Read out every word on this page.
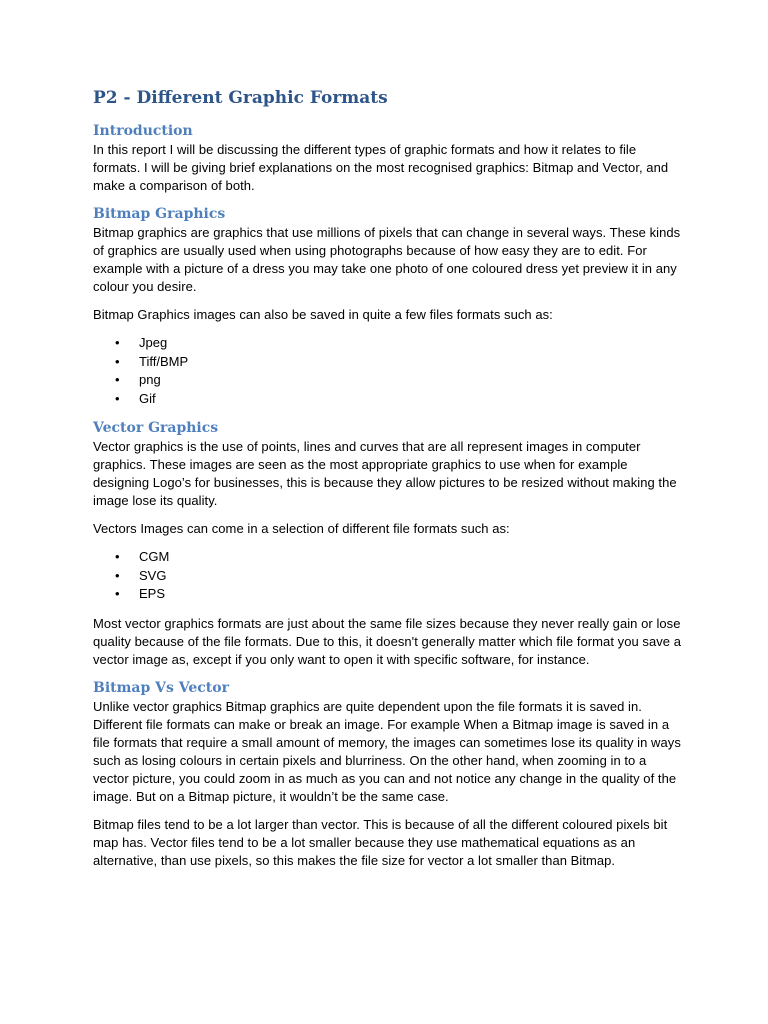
P2 - Different Graphic Formats
Introduction

In this report I will be discussing the different types of graphic formats and how it relates to file formats. I will be giving brief explanations on the most recognised graphics: Bitmap and Vector, and make a comparison of both.

Bitmap Graphics

Bitmap graphics are graphics that use millions of pixels that can change in several ways. These kinds of graphics are usually used when using photographs because of how easy they are to edit. For example with a picture of a dress you may take one photo of one coloured dress yet preview it in any colour you desire.

Bitmap Graphics images can also be saved in quite a few files formats such as:

• Jpeg
• Tiff/BMP
• png
• Gif
Vector Graphics

Vector graphics is the use of points, lines and curves that are all represent images in computer graphics. These images are seen as the most appropriate graphics to use when for example designing Logo’s for businesses, this is because they allow pictures to be resized without making the image lose its quality.

Vectors Images can come in a selection of different file formats such as:

• CGM
• SVG
• EPS

Most vector graphics formats are just about the same file sizes because they never really gain or lose quality because of the file formats. Due to this, it doesn't generally matter which file format you save a vector image as, except if you only want to open it with specific software, for instance.

Bitmap Vs Vector

Unlike vector graphics Bitmap graphics are quite dependent upon the file formats it is saved in. Different file formats can make or break an image. For example When a Bitmap image is saved in a file formats that require a small amount of memory, the images can sometimes lose its quality in ways such as losing colours in certain pixels and blurriness. On the other hand, when zooming in to a vector picture, you could zoom in as much as you can and not notice any change in the quality of the image. But on a Bitmap picture, it wouldn’t be the same case.

Bitmap files tend to be a lot larger than vector. This is because of all the different coloured pixels bit map has. Vector files tend to be a lot smaller because they use mathematical equations as an alternative, than use pixels, so this makes the file size for vector a lot smaller than Bitmap.
